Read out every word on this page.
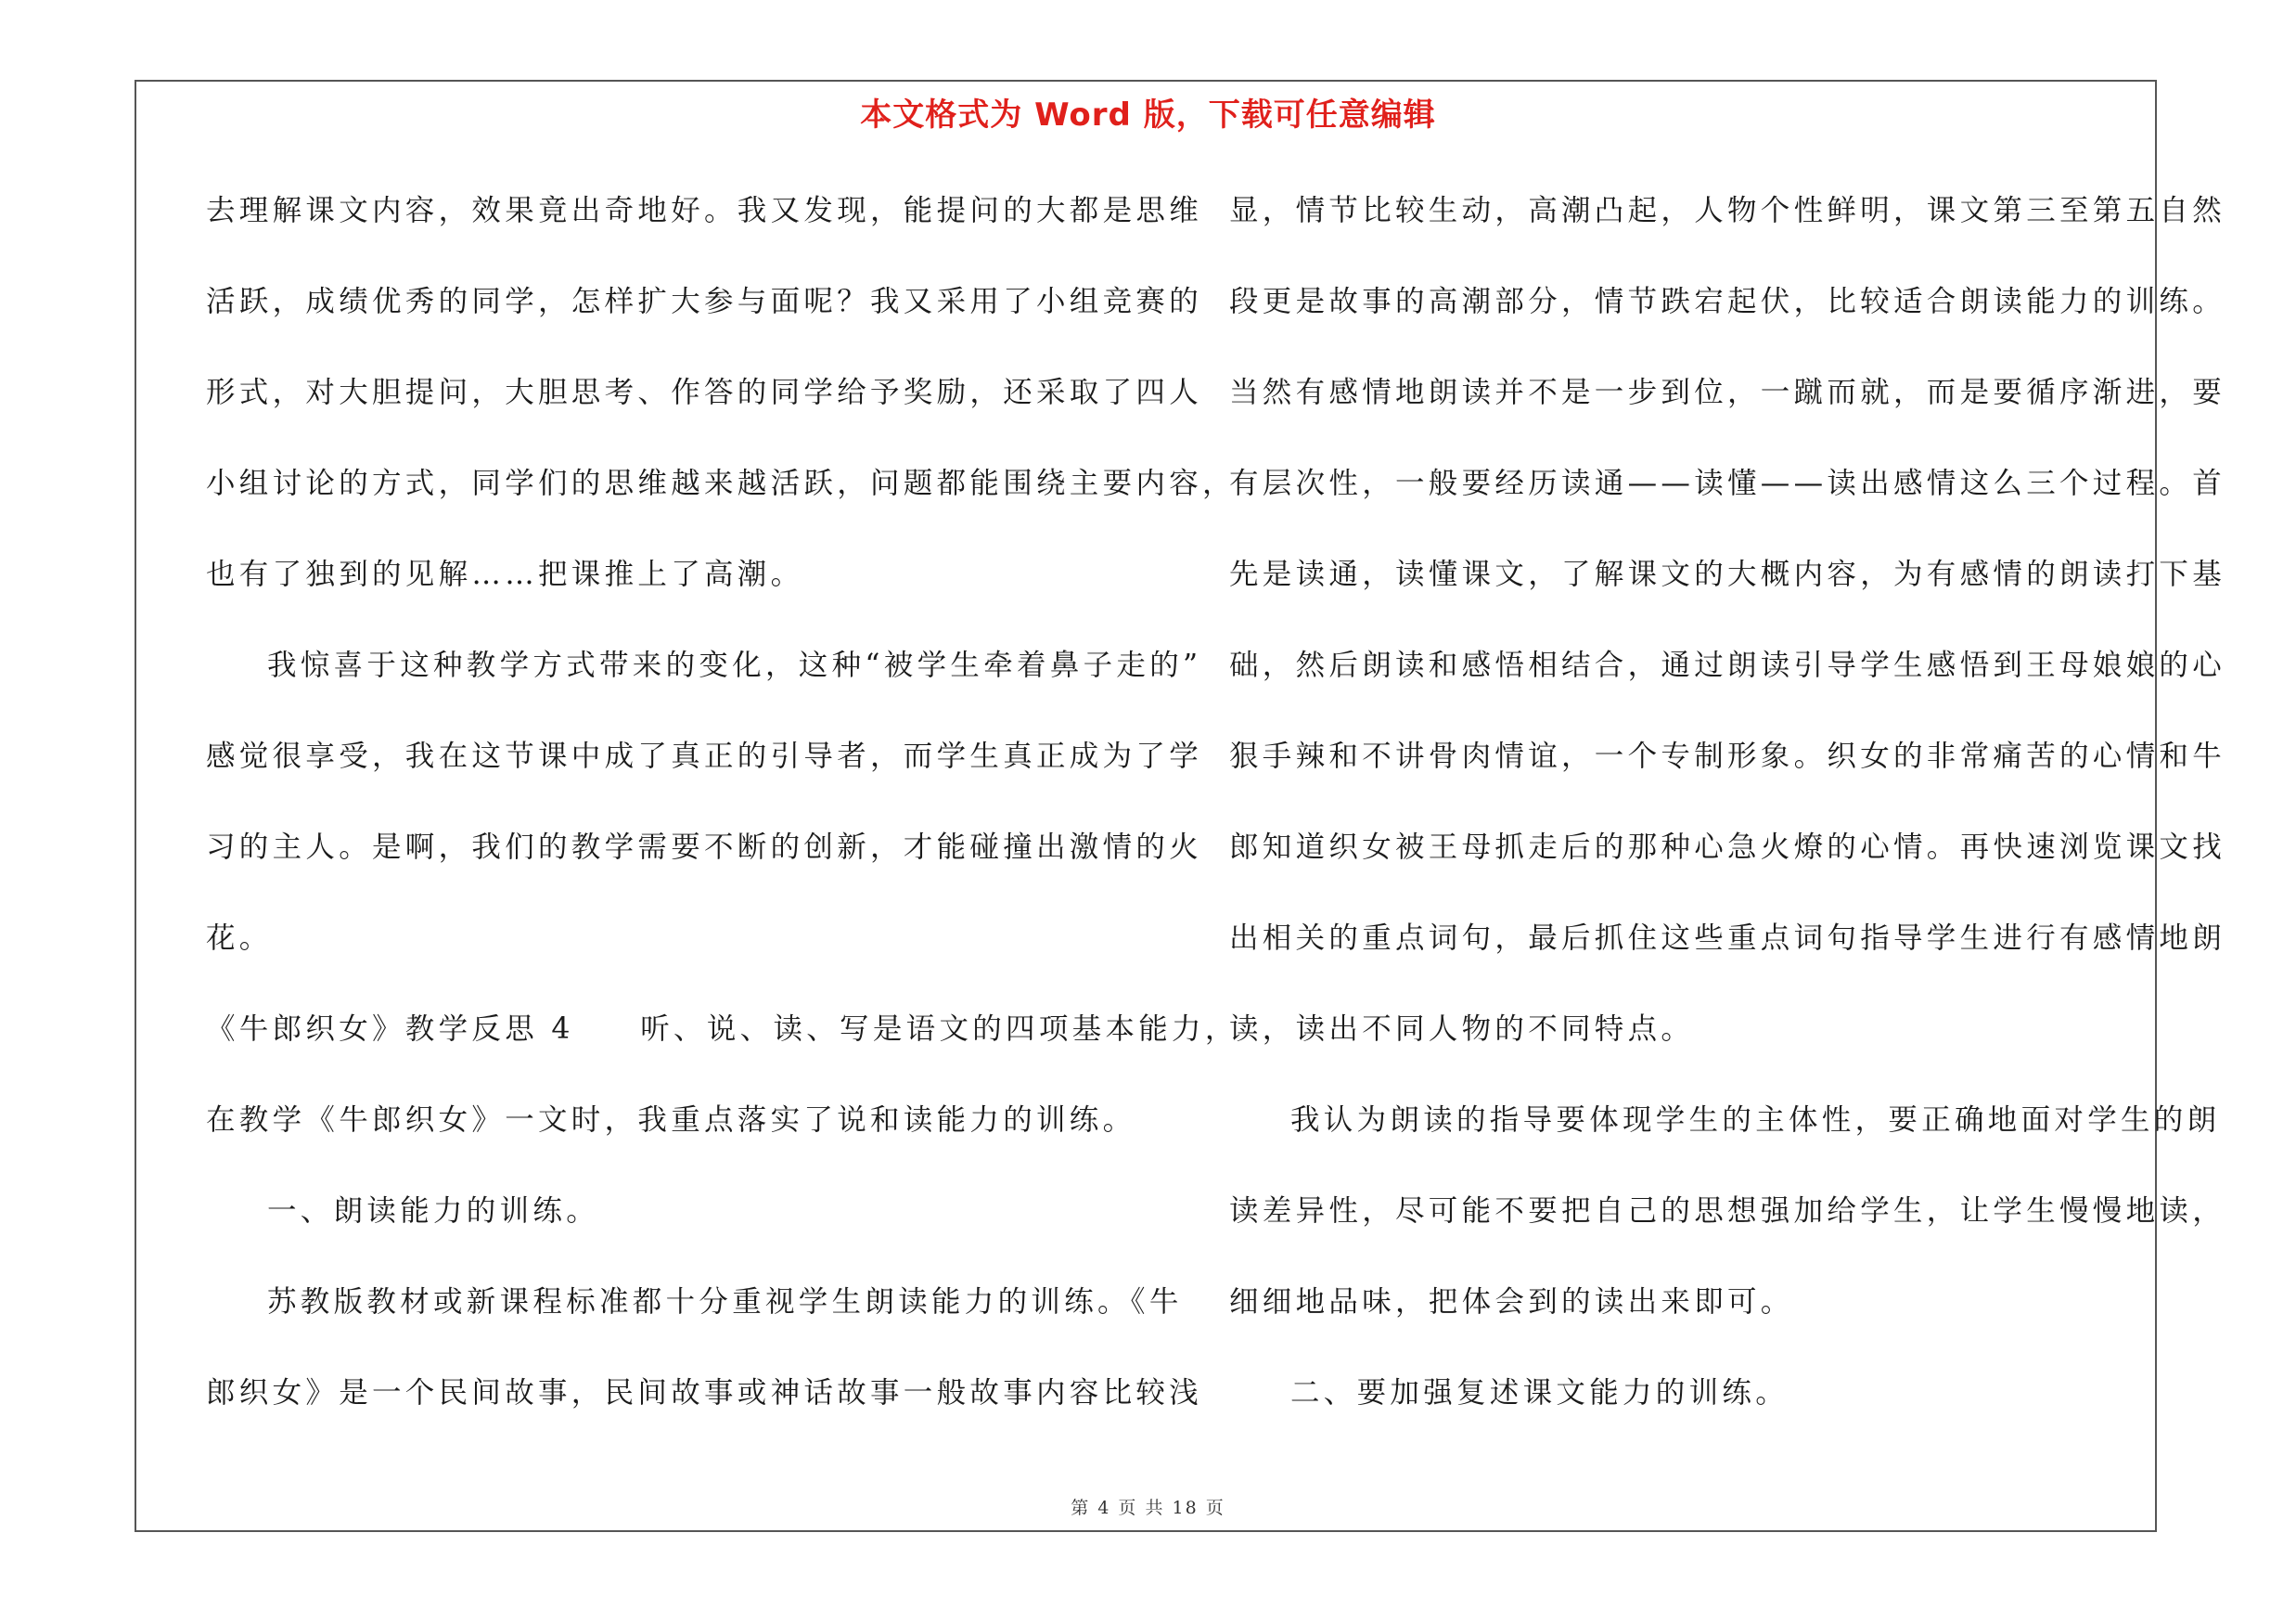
本文格式为 Word 版，下载可任意编辑
去理解课文内容，效果竟出奇地好。我又发现，能提问的大都是思维
活跃，成绩优秀的同学，怎样扩大参与面呢？我又采用了小组竞赛的
形式，对大胆提问，大胆思考、作答的同学给予奖励，还采取了四人
小组讨论的方式，同学们的思维越来越活跃，问题都能围绕主要内容，
也有了独到的见解……把课推上了高潮。
我惊喜于这种教学方式带来的变化，这种“被学生牵着鼻子走的”
感觉很享受，我在这节课中成了真正的引导者，而学生真正成为了学
习的主人。是啊，我们的教学需要不断的创新，才能碰撞出激情的火
花。
《牛郎织女》教学反思 4　　听、说、读、写是语文的四项基本能力，
在教学《牛郎织女》一文时，我重点落实了说和读能力的训练。
一、朗读能力的训练。
苏教版教材或新课程标准都十分重视学生朗读能力的训练。《牛
郎织女》是一个民间故事，民间故事或神话故事一般故事内容比较浅
显，情节比较生动，高潮凸起，人物个性鲜明，课文第三至第五自然
段更是故事的高潮部分，情节跌宕起伏，比较适合朗读能力的训练。
当然有感情地朗读并不是一步到位，一蹴而就，而是要循序渐进，要
有层次性，一般要经历读通——读懂——读出感情这么三个过程。首
先是读通，读懂课文，了解课文的大概内容，为有感情的朗读打下基
础，然后朗读和感悟相结合，通过朗读引导学生感悟到王母娘娘的心
狠手辣和不讲骨肉情谊，一个专制形象。织女的非常痛苦的心情和牛
郎知道织女被王母抓走后的那种心急火燎的心情。再快速浏览课文找
出相关的重点词句，最后抓住这些重点词句指导学生进行有感情地朗
读，读出不同人物的不同特点。
我认为朗读的指导要体现学生的主体性，要正确地面对学生的朗
读差异性，尽可能不要把自己的思想强加给学生，让学生慢慢地读，
细细地品味，把体会到的读出来即可。
二、要加强复述课文能力的训练。
第 4 页 共 18 页
